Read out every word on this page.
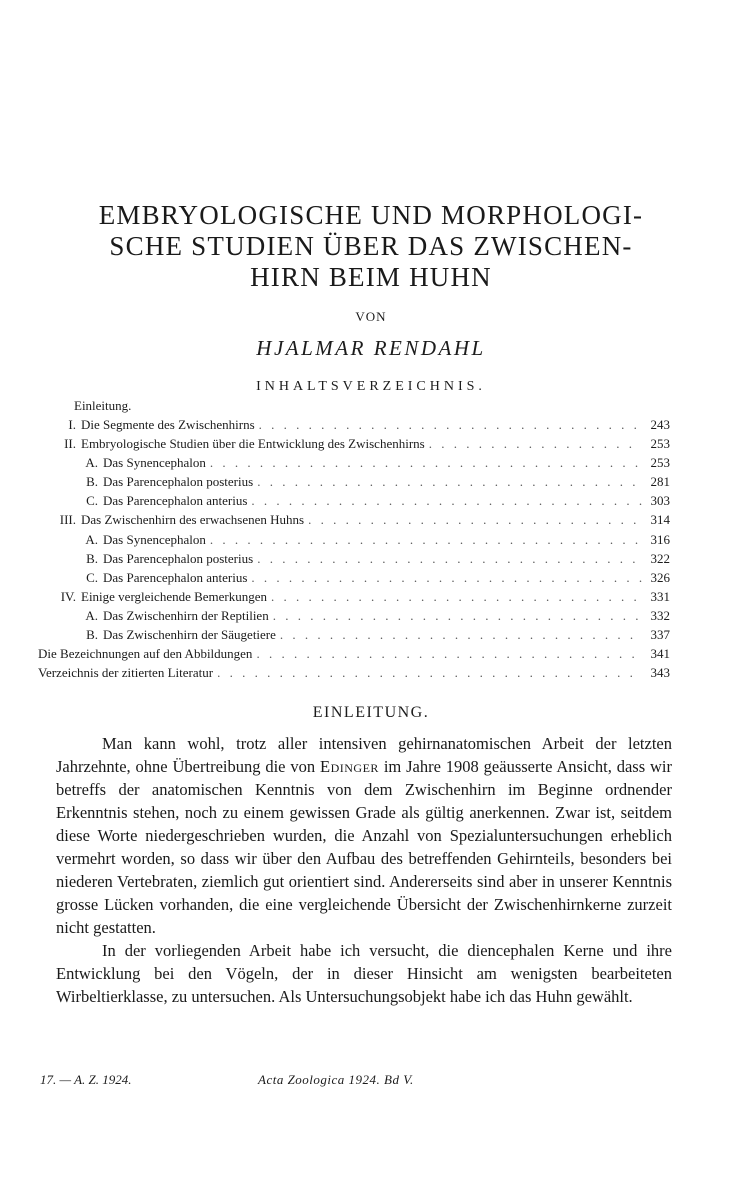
EMBRYOLOGISCHE UND MORPHOLOGI-
SCHE STUDIEN ÜBER DAS ZWISCHEN-
HIRN BEIM HUHN
VON
HJALMAR RENDAHL
INHALTSVERZEICHNIS.
Einleitung.
I. Die Segmente des Zwischenhirns . . .	243
II. Embryologische Studien über die Entwicklung des Zwischenhirns . . .	253
A. Das Synencephalon . . .	253
B. Das Parencephalon posterius . . .	281
C. Das Parencephalon anterius . . .	303
III. Das Zwischenhirn des erwachsenen Huhns . . .	314
A. Das Synencephalon . . .	316
B. Das Parencephalon posterius . . .	322
C. Das Parencephalon anterius . . .	326
IV. Einige vergleichende Bemerkungen . . .	331
A. Das Zwischenhirn der Reptilien . . .	332
B. Das Zwischenhirn der Säugetiere . . .	337
Die Bezeichnungen auf den Abbildungen . . .	341
Verzeichnis der zitierten Literatur . . .	343
EINLEITUNG.

Man kann wohl, trotz aller intensiven gehirnanatomischen Arbeit der letzten Jahrzehnte, ohne Übertreibung die von Edinger im Jahre 1908 geäusserte Ansicht, dass wir betreffs der anatomischen Kenntnis von dem Zwischenhirn im Beginne ordnender Erkenntnis stehen, noch zu einem gewissen Grade als gültig anerkennen. Zwar ist, seitdem diese Worte niedergeschrieben wurden, die Anzahl von Spezialuntersuchungen erheblich vermehrt worden, so dass wir über den Aufbau des betreffenden Gehirnteils, besonders bei niederen Vertebraten, ziemlich gut orientiert sind. Andererseits sind aber in unserer Kenntnis grosse Lücken vorhanden, die eine vergleichende Übersicht der Zwischenhirnkerne zurzeit nicht gestatten.

In der vorliegenden Arbeit habe ich versucht, die diencephalen Kerne und ihre Entwicklung bei den Vögeln, der in dieser Hinsicht am wenigsten bearbeiteten Wirbeltierklasse, zu untersuchen. Als Untersuchungsobjekt habe ich das Huhn gewählt.

17. — A. Z. 1924.	Acta Zoologica 1924. Bd V.
